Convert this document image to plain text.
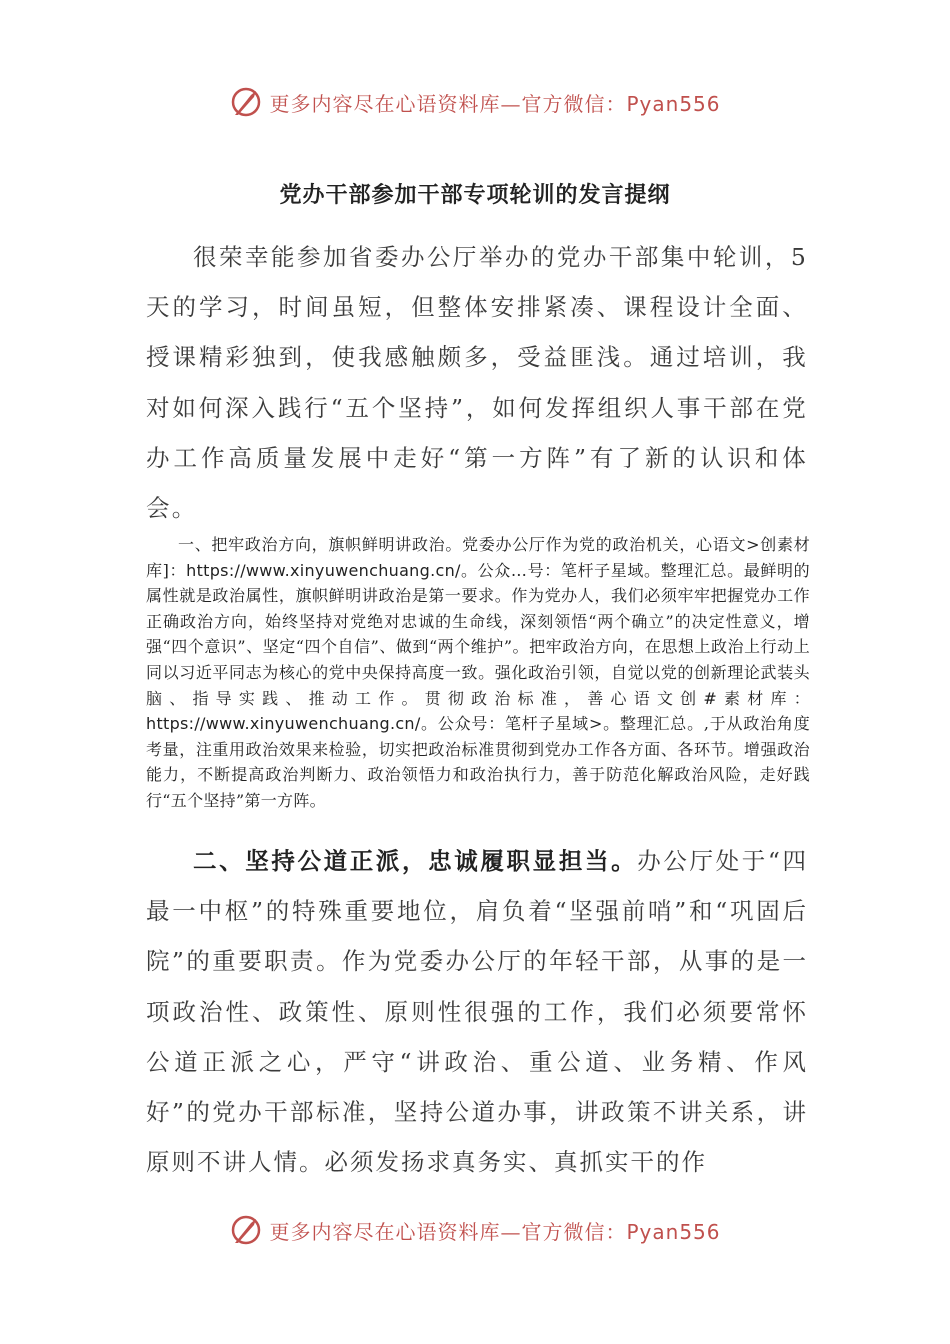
更多内容尽在心语资料库—官方微信：Pyan556
党办干部参加干部专项轮训的发言提纲

很荣幸能参加省委办公厅举办的党办干部集中轮训，5天的学习，时间虽短，但整体安排紧凑、课程设计全面、授课精彩独到，使我感触颇多，受益匪浅。通过培训，我对如何深入践行“五个坚持”，如何发挥组织人事干部在党办工作高质量发展中走好“第一方阵”有了新的认识和体会。

一、把牢政治方向，旗帜鲜明讲政治。党委办公厅作为党的政治机关，心语文>创素材库]：https://www.xinyuwenchuang.cn/。公众…号：笔杆子星域。整理汇总。最鲜明的属性就是政治属性，旗帜鲜明讲政治是第一要求。作为党办人，我们必须牢牢把握党办工作正确政治方向，始终坚持对党绝对忠诚的生命线，深刻领悟“两个确立”的决定性意义，增强“四个意识”、坚定“四个自信”、做到“两个维护”。把牢政治方向，在思想上政治上行动上同以习近平同志为核心的党中央保持高度一致。强化政治引领，自觉以党的创新理论武装头脑、指导实践、推动工作。贯彻政治标准，善心语文创#素材库：https://www.xinyuwenchuang.cn/。公众号：笔杆子星域>。整理汇总。,于从政治角度考量，注重用政治效果来检验，切实把政治标准贯彻到党办工作各方面、各环节。增强政治能力，不断提高政治判断力、政治领悟力和政治执行力，善于防范化解政治风险，走好践行“五个坚持”第一方阵。

二、坚持公道正派，忠诚履职显担当。办公厅处于“四最一中枢”的特殊重要地位，肩负着“坚强前哨”和“巩固后院”的重要职责。作为党委办公厅的年轻干部，从事的是一项政治性、政策性、原则性很强的工作，我们必须要常怀公道正派之心，严守“讲政治、重公道、业务精、作风好”的党办干部标准，坚持公道办事，讲政策不讲关系，讲原则不讲人情。必须发扬求真务实、真抓实干的作

更多内容尽在心语资料库—官方微信：Pyan556
